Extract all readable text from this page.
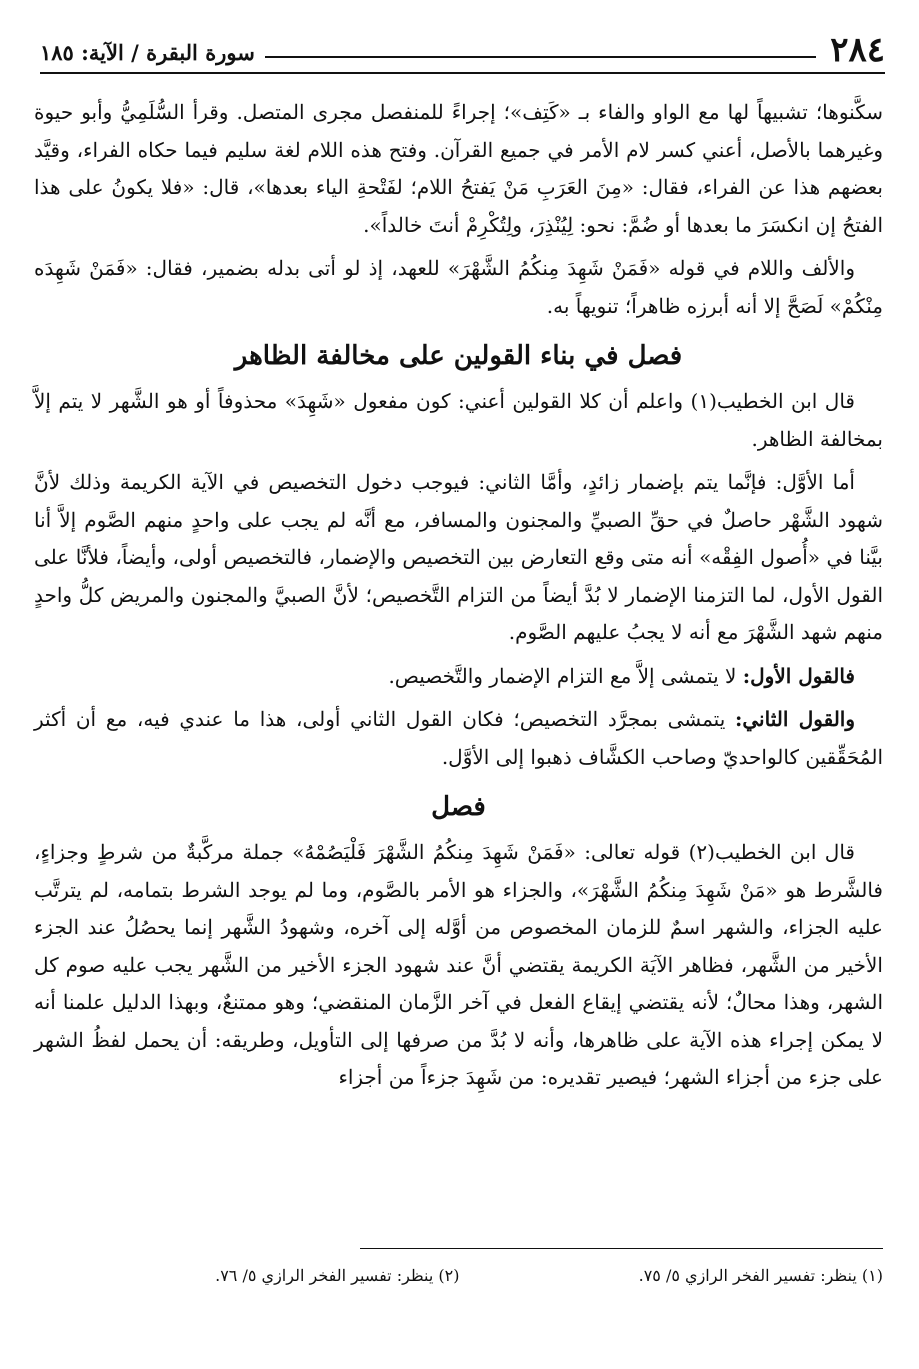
٢٨٤
سورة البقرة / الآية: ١٨٥

سكَّنوها؛ تشبيهاً لها مع الواو والفاء بـ «كَتِف»؛ إجراءً للمنفصل مجرى المتصل. وقرأ السُّلَمِيُّ وأبو حيوة وغيرهما بالأصل، أعني كسر لام الأمر في جميع القرآن. وفتح هذه اللام لغة سليم فيما حكاه الفراء، وقيَّد بعضهم هذا عن الفراء، فقال: «مِنَ العَرَبِ مَنْ يَفتحُ اللام؛ لفَتْحةِ الياء بعدها»، قال: «فلا يكونُ على هذا الفتحُ إن انكسَرَ ما بعدها أو ضُمَّ: نحو: لِيُنْذِرَ، ولِتُكْرِمْ أنتَ خالداً».

والألف واللام في قوله «فَمَنْ شَهِدَ مِنكُمُ الشَّهْرَ» للعهد، إذ لو أتى بدله بضمير، فقال: «فَمَنْ شَهِدَه مِنْكُمْ» لَصَحَّ إلا أنه أبرزه ظاهراً؛ تنويهاً به.

فصل في بناء القولين على مخالفة الظاهر

قال ابن الخطيب(١) واعلم أن كلا القولين أعني: كون مفعول «شَهِدَ» محذوفاً أو هو الشَّهر لا يتم إلاَّ بمخالفة الظاهر.

أما الأوَّل: فإنَّما يتم بإضمار زائدٍ، وأمَّا الثاني: فيوجب دخول التخصيص في الآية الكريمة وذلك لأنَّ شهود الشَّهْر حاصلٌ في حقِّ الصبيِّ والمجنون والمسافر، مع أنَّه لم يجب على واحدٍ منهم الصَّوم إلاَّ أنا بيَّنا في «أُصول الفِقْه» أنه متى وقع التعارض بين التخصيص والإضمار، فالتخصيص أولى، وأيضاً، فلأنَّا على القول الأول، لما التزمنا الإضمار لا بُدَّ أيضاً من التزام التَّخصيص؛ لأنَّ الصبيَّ والمجنون والمريض كلُّ واحدٍ منهم شهد الشَّهْرَ مع أنه لا يجبُ عليهم الصَّوم.

فالقول الأول: لا يتمشى إلاَّ مع التزام الإضمار والتَّخصيص.

والقول الثاني: يتمشى بمجرَّد التخصيص؛ فكان القول الثاني أولى، هذا ما عندي فيه، مع أن أكثر المُحَقِّقين كالواحديّ وصاحب الكشَّاف ذهبوا إلى الأوَّل.

فصل

قال ابن الخطيب(٢) قوله تعالى: «فَمَنْ شَهِدَ مِنكُمُ الشَّهْرَ فَلْيَصُمْهُ» جملة مركَّبةٌ من شرطٍ وجزاءٍ، فالشَّرط هو «مَنْ شَهِدَ مِنكُمُ الشَّهْرَ»، والجزاء هو الأمر بالصَّوم، وما لم يوجد الشرط بتمامه، لم يترتَّب عليه الجزاء، والشهر اسمٌ للزمان المخصوص من أوَّله إلى آخره، وشهودُ الشَّهر إنما يحصُلُ عند الجزء الأخير من الشَّهر، فظاهر الآيَة الكريمة يقتضي أنَّ عند شهود الجزء الأخير من الشَّهر يجب عليه صوم كل الشهر، وهذا محالٌ؛ لأنه يقتضي إيقاع الفعل في آخر الزَّمان المنقضي؛ وهو ممتنعٌ، وبهذا الدليل علمنا أنه لا يمكن إجراء هذه الآية على ظاهرها، وأنه لا بُدَّ من صرفها إلى التأويل، وطريقه: أن يحمل لفظُ الشهر على جزء من أجزاء الشهر؛ فيصير تقديره: من شَهِدَ جزءاً من أجزاء

(١) ينظر: تفسير الفخر الرازي ٥/ ٧٥.
(٢) ينظر: تفسير الفخر الرازي ٥/ ٧٦.
